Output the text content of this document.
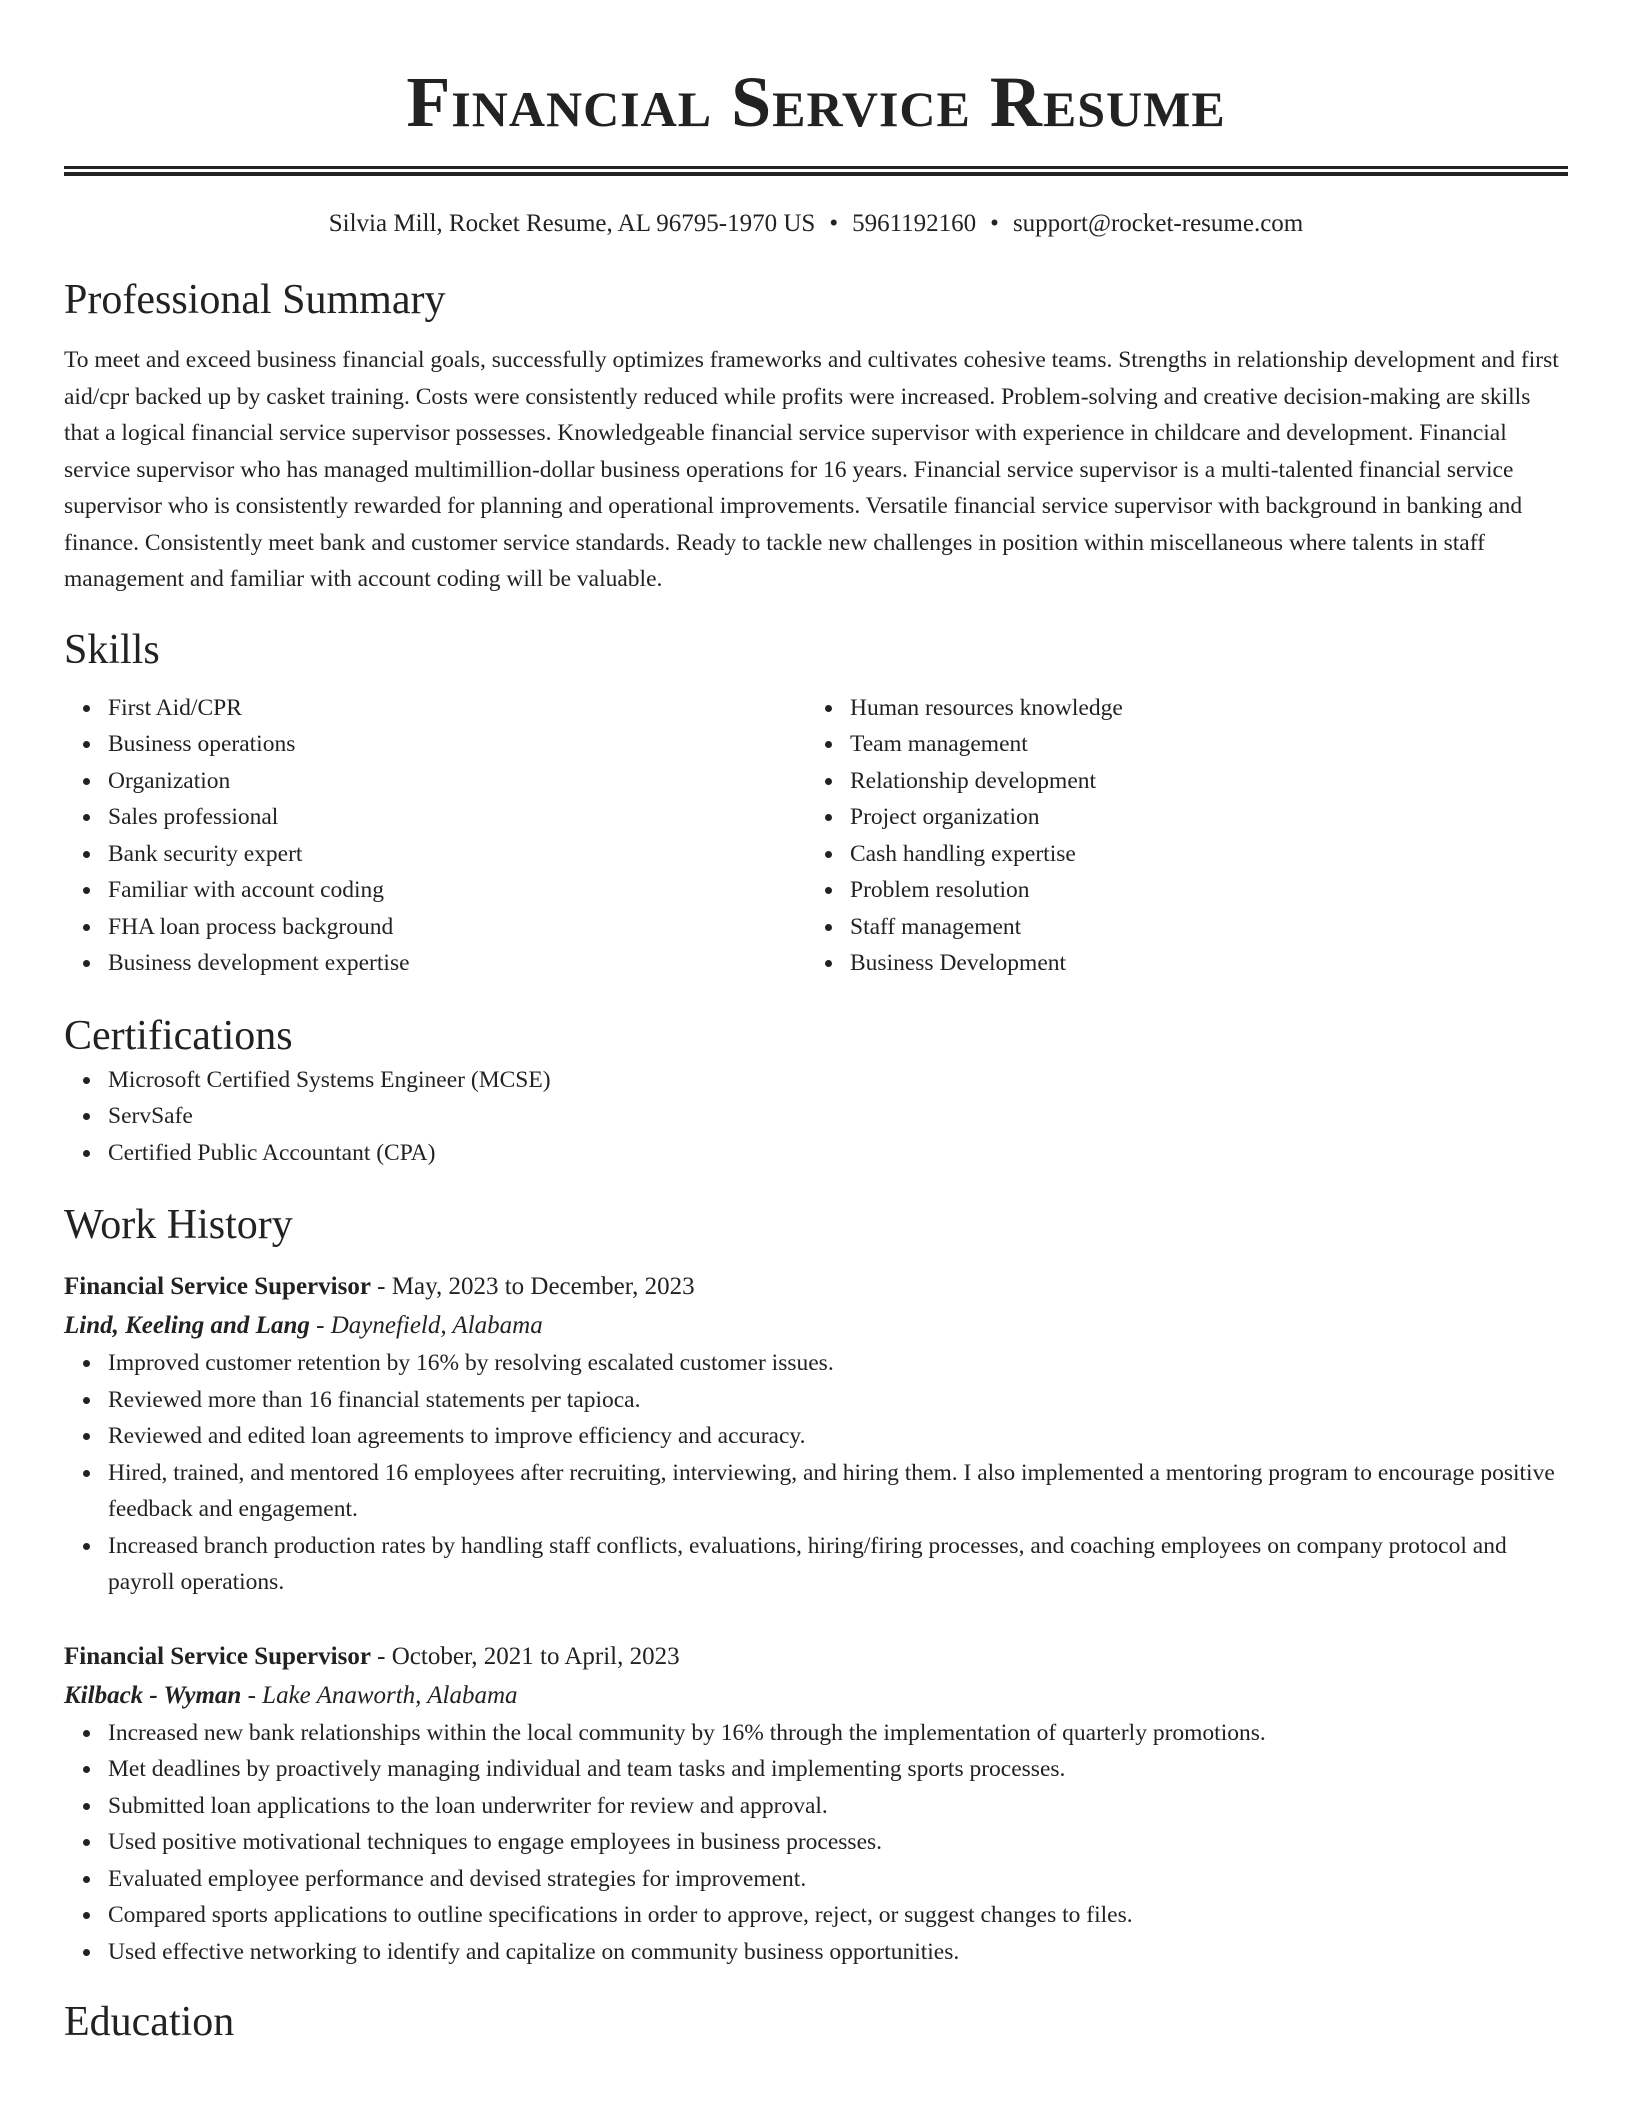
Financial Service Resume
Silvia Mill, Rocket Resume, AL 96795-1970 US • 5961192160 • support@rocket-resume.com
Professional Summary

To meet and exceed business financial goals, successfully optimizes frameworks and cultivates cohesive teams. Strengths in relationship development and first aid/cpr backed up by casket training. Costs were consistently reduced while profits were increased. Problem-solving and creative decision-making are skills that a logical financial service supervisor possesses. Knowledgeable financial service supervisor with experience in childcare and development. Financial service supervisor who has managed multimillion-dollar business operations for 16 years. Financial service supervisor is a multi-talented financial service supervisor who is consistently rewarded for planning and operational improvements. Versatile financial service supervisor with background in banking and finance. Consistently meet bank and customer service standards. Ready to tackle new challenges in position within miscellaneous where talents in staff management and familiar with account coding will be valuable.

Skills
First Aid/CPR
Business operations
Organization
Sales professional
Bank security expert
Familiar with account coding
FHA loan process background
Business development expertise
Human resources knowledge
Team management
Relationship development
Project organization
Cash handling expertise
Problem resolution
Staff management
Business Development
Certifications
Microsoft Certified Systems Engineer (MCSE)
ServSafe
Certified Public Accountant (CPA)
Work History
Financial Service Supervisor - May, 2023 to December, 2023
Lind, Keeling and Lang - Daynefield, Alabama
Improved customer retention by 16% by resolving escalated customer issues.
Reviewed more than 16 financial statements per tapioca.
Reviewed and edited loan agreements to improve efficiency and accuracy.
Hired, trained, and mentored 16 employees after recruiting, interviewing, and hiring them. I also implemented a mentoring program to encourage positive feedback and engagement.
Increased branch production rates by handling staff conflicts, evaluations, hiring/firing processes, and coaching employees on company protocol and payroll operations.
Financial Service Supervisor - October, 2021 to April, 2023
Kilback - Wyman - Lake Anaworth, Alabama
Increased new bank relationships within the local community by 16% through the implementation of quarterly promotions.
Met deadlines by proactively managing individual and team tasks and implementing sports processes.
Submitted loan applications to the loan underwriter for review and approval.
Used positive motivational techniques to engage employees in business processes.
Evaluated employee performance and devised strategies for improvement.
Compared sports applications to outline specifications in order to approve, reject, or suggest changes to files.
Used effective networking to identify and capitalize on community business opportunities.
Education
